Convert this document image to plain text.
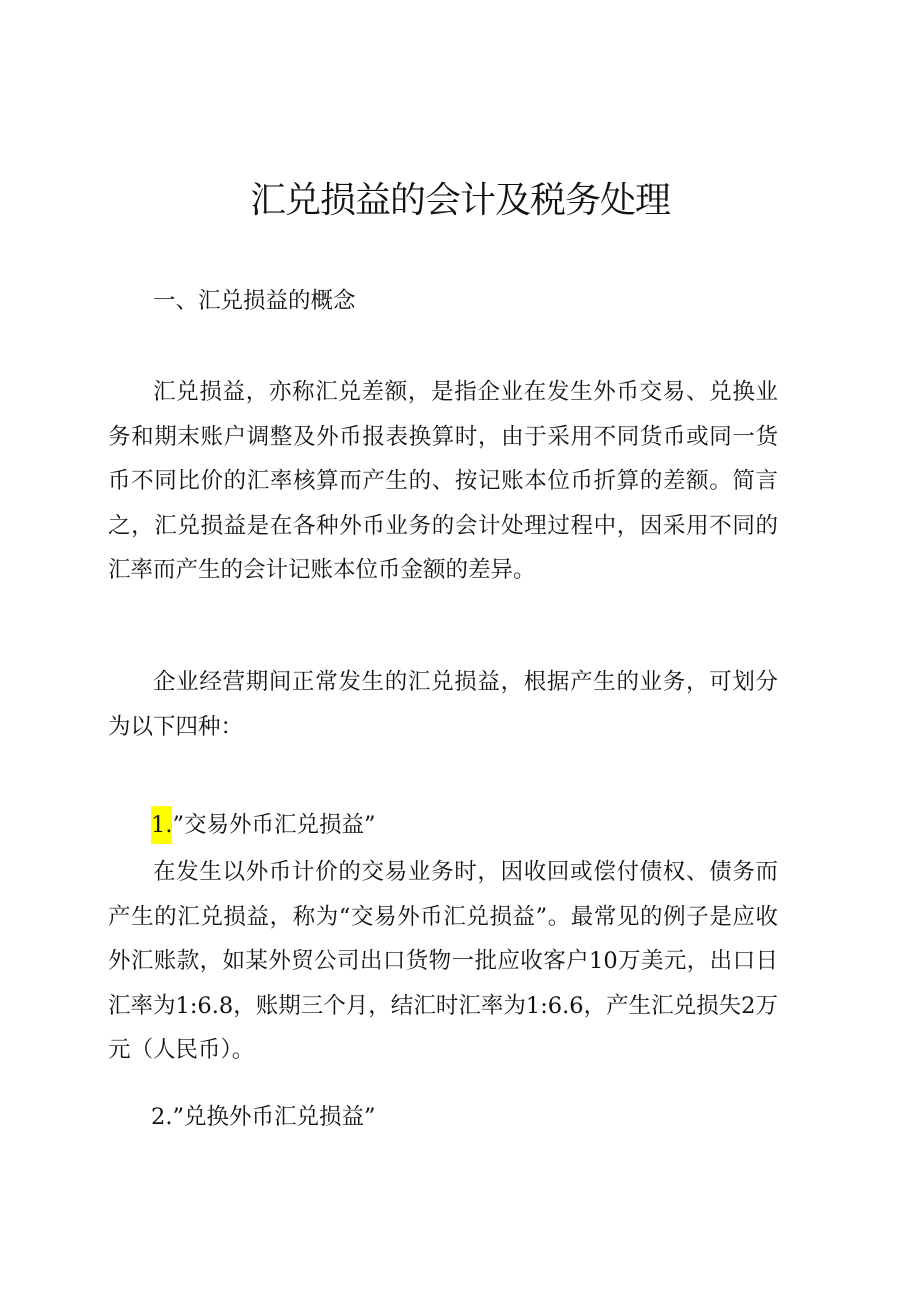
汇兑损益的会计及税务处理

一、汇兑损益的概念

汇兑损益，亦称汇兑差额，是指企业在发生外币交易、兑换业务和期末账户调整及外币报表换算时，由于采用不同货币或同一货币不同比价的汇率核算而产生的、按记账本位币折算的差额。简言之，汇兑损益是在各种外币业务的会计处理过程中，因采用不同的汇率而产生的会计记账本位币金额的差异。

企业经营期间正常发生的汇兑损益，根据产生的业务，可划分为以下四种：

1.”交易外币汇兑损益”

在发生以外币计价的交易业务时，因收回或偿付债权、债务而产生的汇兑损益，称为“交易外币汇兑损益”。最常见的例子是应收外汇账款，如某外贸公司出口货物一批应收客户10万美元，出口日汇率为1:6.8，账期三个月，结汇时汇率为1:6.6，产生汇兑损失2万元（人民币）。

2.”兑换外币汇兑损益”
